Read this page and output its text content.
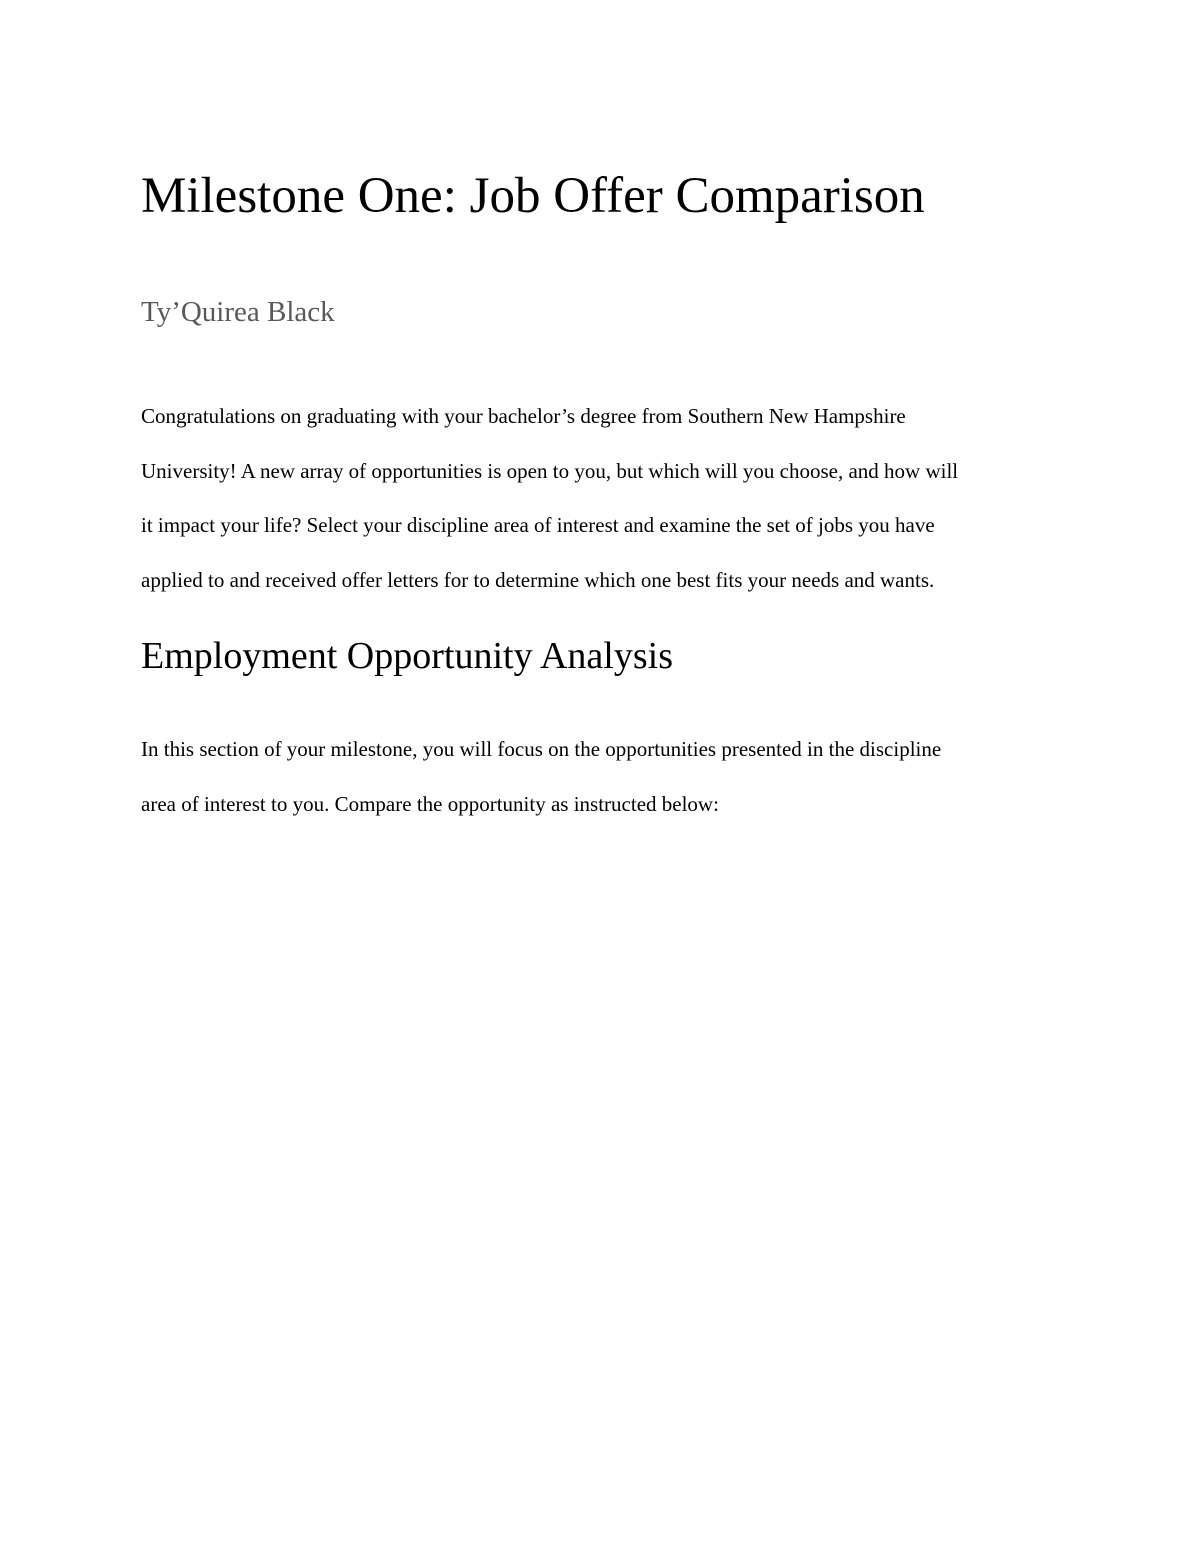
Milestone One: Job Offer Comparison

Ty’Quirea Black

Congratulations on graduating with your bachelor’s degree from Southern New Hampshire
University! A new array of opportunities is open to you, but which will you choose, and how will
it impact your life? Select your discipline area of interest and examine the set of jobs you have
applied to and received offer letters for to determine which one best fits your needs and wants.

Employment Opportunity Analysis

In this section of your milestone, you will focus on the opportunities presented in the discipline
area of interest to you. Compare the opportunity as instructed below:
